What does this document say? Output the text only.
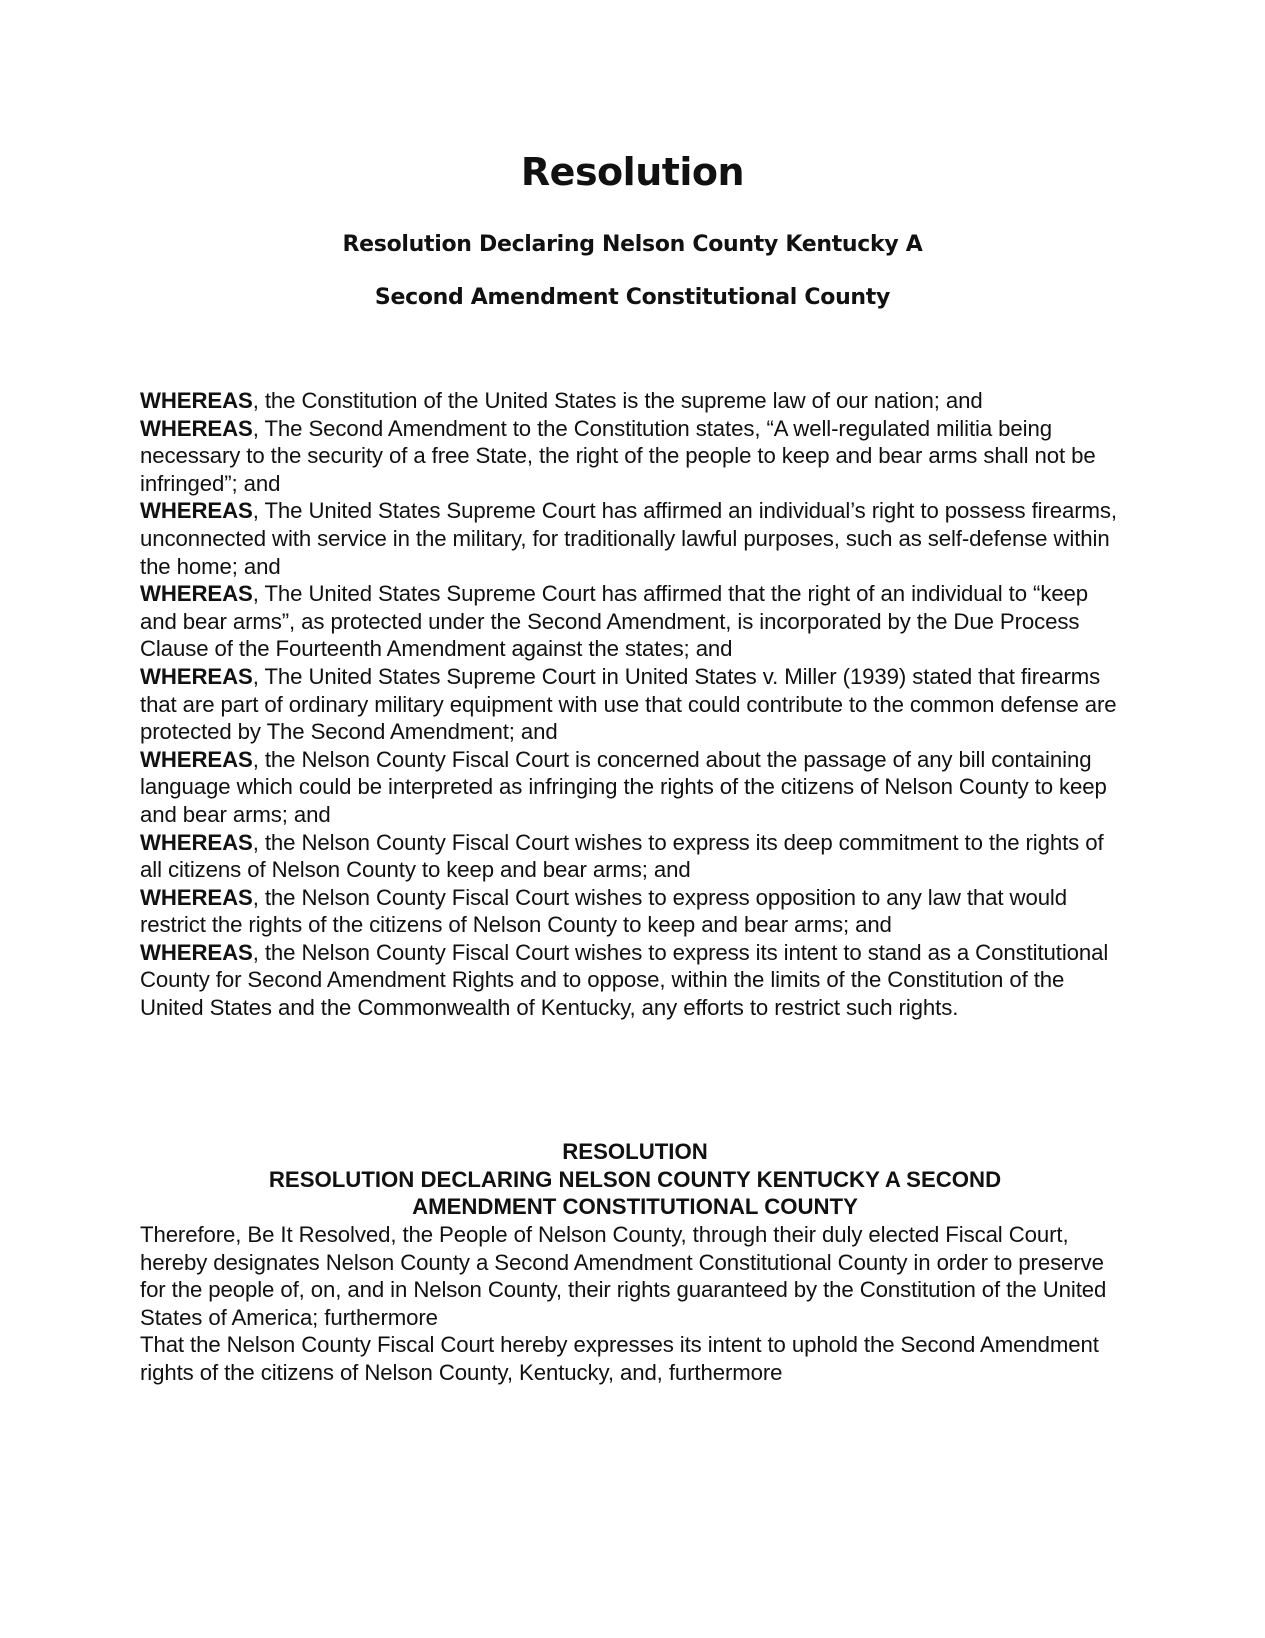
Resolution
Resolution Declaring Nelson County Kentucky A
Second Amendment Constitutional County

WHEREAS, the Constitution of the United States is the supreme law of our nation; and

WHEREAS, The Second Amendment to the Constitution states, “A well-regulated militia being necessary to the security of a free State, the right of the people to keep and bear arms shall not be infringed”; and

WHEREAS, The United States Supreme Court has affirmed an individual’s right to possess firearms, unconnected with service in the military, for traditionally lawful purposes, such as self-defense within the home; and

WHEREAS, The United States Supreme Court has affirmed that the right of an individual to “keep and bear arms”, as protected under the Second Amendment, is incorporated by the Due Process Clause of the Fourteenth Amendment against the states; and

WHEREAS, The United States Supreme Court in United States v. Miller (1939) stated that firearms that are part of ordinary military equipment with use that could contribute to the common defense are protected by The Second Amendment; and

WHEREAS, the Nelson County Fiscal Court is concerned about the passage of any bill containing language which could be interpreted as infringing the rights of the citizens of Nelson County to keep and bear arms; and

WHEREAS, the Nelson County Fiscal Court wishes to express its deep commitment to the rights of all citizens of Nelson County to keep and bear arms; and

WHEREAS, the Nelson County Fiscal Court wishes to express opposition to any law that would restrict the rights of the citizens of Nelson County to keep and bear arms; and

WHEREAS, the Nelson County Fiscal Court wishes to express its intent to stand as a Constitutional County for Second Amendment Rights and to oppose, within the limits of the Constitution of the United States and the Commonwealth of Kentucky, any efforts to restrict such rights.

RESOLUTION
RESOLUTION DECLARING NELSON COUNTY KENTUCKY A SECOND
AMENDMENT CONSTITUTIONAL COUNTY

Therefore, Be It Resolved, the People of Nelson County, through their duly elected Fiscal Court, hereby designates Nelson County a Second Amendment Constitutional County in order to preserve for the people of, on, and in Nelson County, their rights guaranteed by the Constitution of the United States of America; furthermore

That the Nelson County Fiscal Court hereby expresses its intent to uphold the Second Amendment rights of the citizens of Nelson County, Kentucky, and, furthermore
